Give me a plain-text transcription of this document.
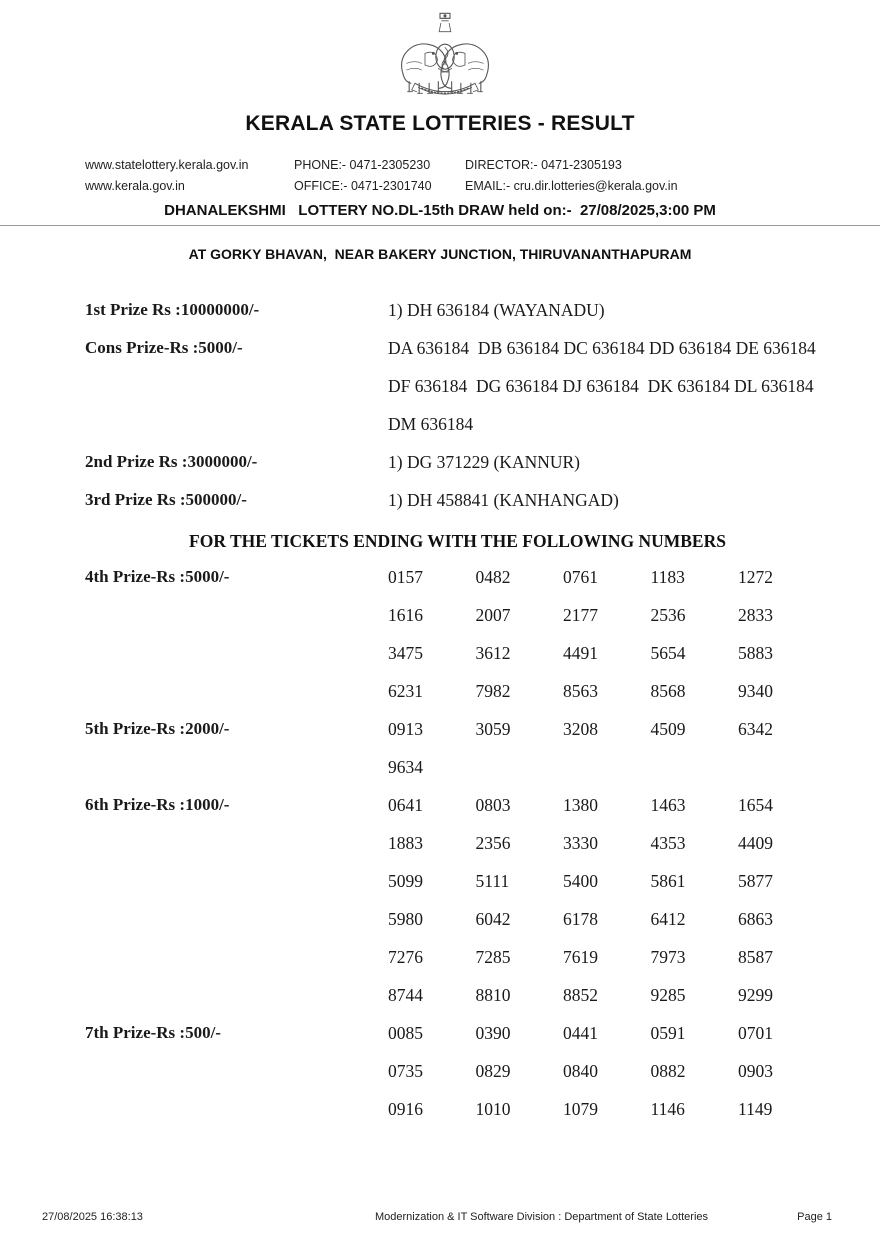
KERALA STATE LOTTERIES - RESULT
www.statelottery.kerala.gov.in	PHONE:- 0471-2305230	DIRECTOR:- 0471-2305193
www.kerala.gov.in	OFFICE:- 0471-2301740	EMAIL:- cru.dir.lotteries@kerala.gov.in
DHANALEKSHMI   LOTTERY NO.DL-15th DRAW held on:-  27/08/2025,3:00 PM
AT GORKY BHAVAN,  NEAR BAKERY JUNCTION, THIRUVANANTHAPURAM
1st Prize Rs :10000000/-	1) DH 636184 (WAYANADU)
Cons Prize-Rs :5000/-	DA 636184  DB 636184 DC 636184 DD 636184 DE 636184
DF 636184  DG 636184 DJ 636184  DK 636184 DL 636184
DM 636184
2nd Prize Rs :3000000/-	1) DG 371229 (KANNUR)
3rd Prize Rs :500000/-	1) DH 458841 (KANHANGAD)
FOR THE TICKETS ENDING WITH THE FOLLOWING NUMBERS
4th Prize-Rs :5000/-	0157	0482	0761	1183	1272
1616	2007	2177	2536	2833
3475	3612	4491	5654	5883
6231	7982	8563	8568	9340
5th Prize-Rs :2000/-	0913	3059	3208	4509	6342
9634
6th Prize-Rs :1000/-	0641	0803	1380	1463	1654
1883	2356	3330	4353	4409
5099	5111	5400	5861	5877
5980	6042	6178	6412	6863
7276	7285	7619	7973	8587
8744	8810	8852	9285	9299
7th Prize-Rs :500/-	0085	0390	0441	0591	0701
0735	0829	0840	0882	0903
0916	1010	1079	1146	1149
27/08/2025 16:38:13	Modernization & IT Software Division : Department of State Lotteries	Page 1
